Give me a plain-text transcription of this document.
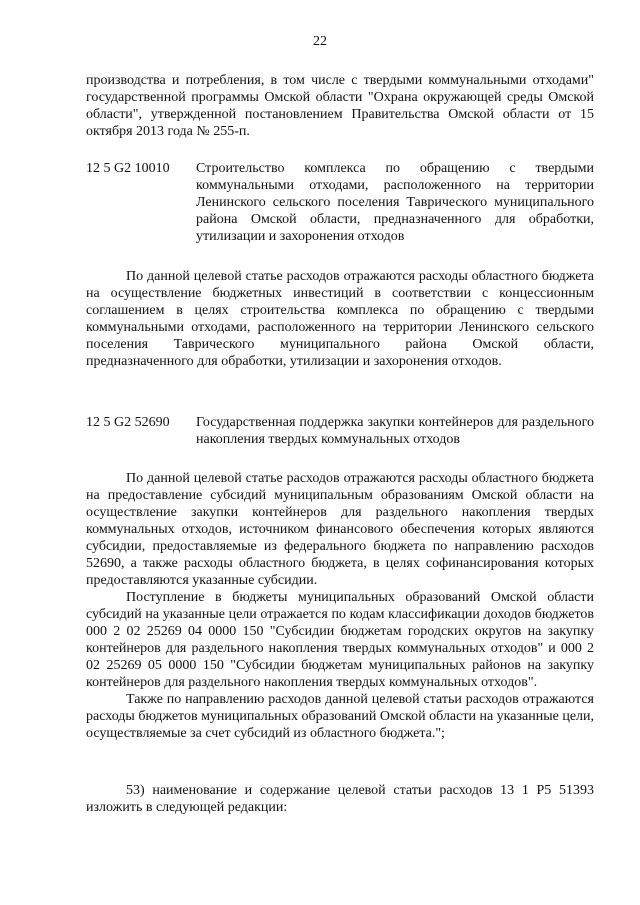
22
производства и потребления, в том числе с твердыми коммунальными отходами" государственной программы Омской области "Охрана окружающей среды Омской области", утвержденной постановлением Правительства Омской области от 15 октября 2013 года № 255-п.
12 5 G2 10010 Строительство комплекса по обращению с твердыми коммунальными отходами, расположенного на территории Ленинского сельского поселения Таврического муниципального района Омской области, предназначенного для обработки, утилизации и захоронения отходов
По данной целевой статье расходов отражаются расходы областного бюджета на осуществление бюджетных инвестиций в соответствии с концессионным соглашением в целях строительства комплекса по обращению с твердыми коммунальными отходами, расположенного на территории Ленинского сельского поселения Таврического муниципального района Омской области, предназначенного для обработки, утилизации и захоронения отходов.
12 5 G2 52690 Государственная поддержка закупки контейнеров для раздельного накопления твердых коммунальных отходов
По данной целевой статье расходов отражаются расходы областного бюджета на предоставление субсидий муниципальным образованиям Омской области на осуществление закупки контейнеров для раздельного накопления твердых коммунальных отходов, источником финансового обеспечения которых являются субсидии, предоставляемые из федерального бюджета по направлению расходов 52690, а также расходы областного бюджета, в целях софинансирования которых предоставляются указанные субсидии.
Поступление в бюджеты муниципальных образований Омской области субсидий на указанные цели отражается по кодам классификации доходов бюджетов 000 2 02 25269 04 0000 150 "Субсидии бюджетам городских округов на закупку контейнеров для раздельного накопления твердых коммунальных отходов" и 000 2 02 25269 05 0000 150 "Субсидии бюджетам муниципальных районов на закупку контейнеров для раздельного накопления твердых коммунальных отходов".
Также по направлению расходов данной целевой статьи расходов отражаются расходы бюджетов муниципальных образований Омской области на указанные цели, осуществляемые за счет субсидий из областного бюджета.";
53) наименование и содержание целевой статьи расходов 13 1 P5 51393 изложить в следующей редакции:
